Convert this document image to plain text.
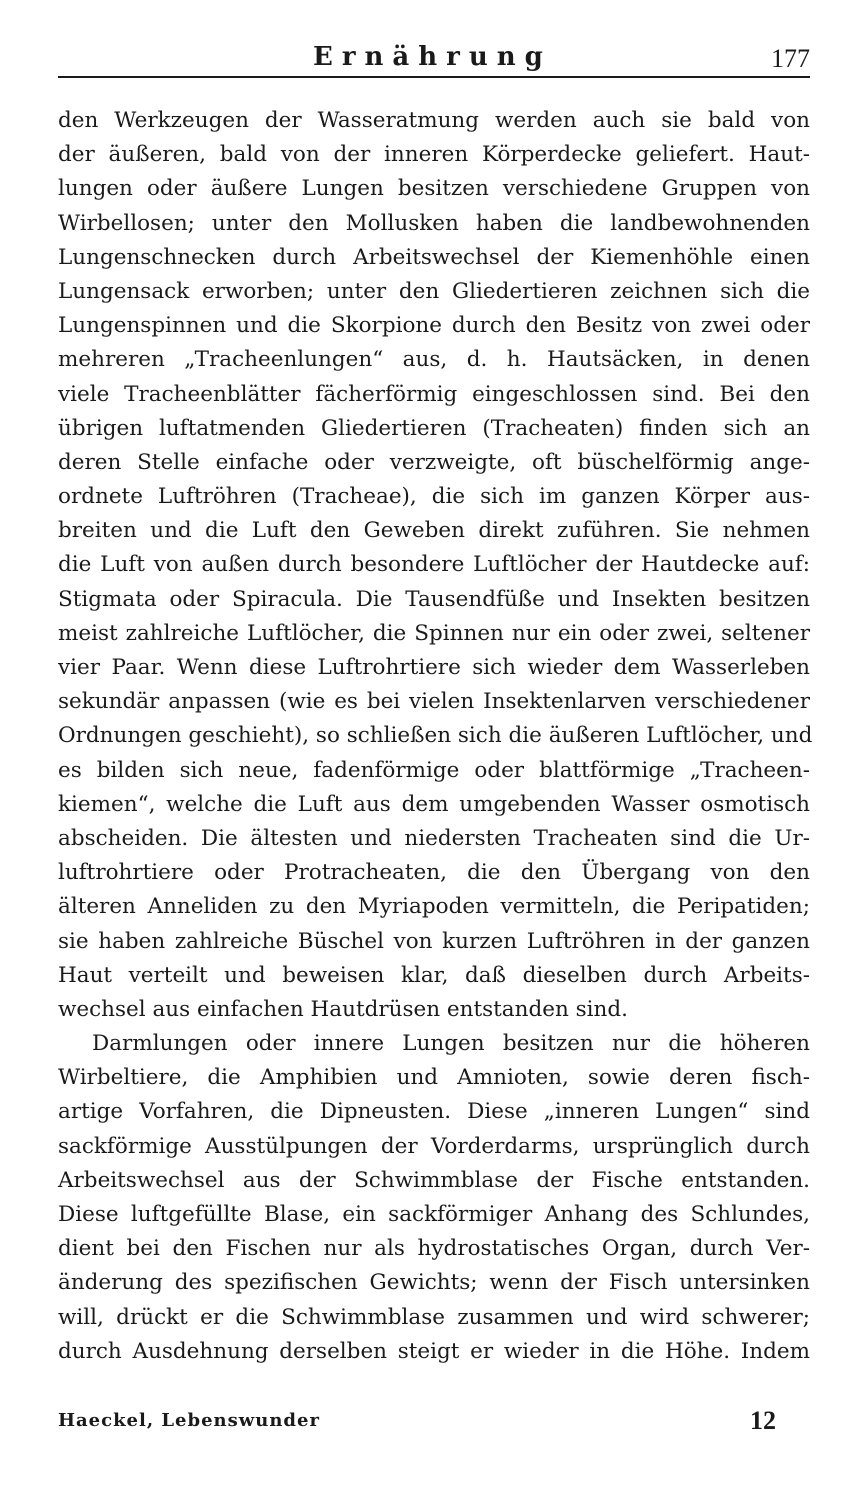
Ernährung	177
den Werkzeugen der Wasseratmung werden auch sie bald von
der äußeren, bald von der inneren Körperdecke geliefert. Haut-
lungen oder äußere Lungen besitzen verschiedene Gruppen von
Wirbellosen; unter den Mollusken haben die landbewohnenden
Lungenschnecken durch Arbeitswechsel der Kiemenhöhle einen
Lungensack erworben; unter den Gliedertieren zeichnen sich die
Lungenspinnen und die Skorpione durch den Besitz von zwei oder
mehreren „Tracheenlungen“ aus, d. h. Hautsäcken, in denen
viele Tracheenblätter fächerförmig eingeschlossen sind. Bei den
übrigen luftatmenden Gliedertieren (Tracheaten) finden sich an
deren Stelle einfache oder verzweigte, oft büschelförmig ange-
ordnete Luftröhren (Tracheae), die sich im ganzen Körper aus-
breiten und die Luft den Geweben direkt zuführen. Sie nehmen
die Luft von außen durch besondere Luftlöcher der Hautdecke auf:
Stigmata oder Spiracula. Die Tausendfüße und Insekten besitzen
meist zahlreiche Luftlöcher, die Spinnen nur ein oder zwei, seltener
vier Paar. Wenn diese Luftrohrtiere sich wieder dem Wasserleben
sekundär anpassen (wie es bei vielen Insektenlarven verschiedener
Ordnungen geschieht), so schließen sich die äußeren Luftlöcher, und
es bilden sich neue, fadenförmige oder blattförmige „Tracheen-
kiemen“, welche die Luft aus dem umgebenden Wasser osmotisch
abscheiden. Die ältesten und niedersten Tracheaten sind die Ur-
luftrohrtiere oder Protracheaten, die den Übergang von den
älteren Anneliden zu den Myriapoden vermitteln, die Peripatiden;
sie haben zahlreiche Büschel von kurzen Luftröhren in der ganzen
Haut verteilt und beweisen klar, daß dieselben durch Arbeits-
wechsel aus einfachen Hautdrüsen entstanden sind.
Darmlungen oder innere Lungen besitzen nur die höheren
Wirbeltiere, die Amphibien und Amnioten, sowie deren fisch-
artige Vorfahren, die Dipneusten. Diese „inneren Lungen“ sind
sackförmige Ausstülpungen der Vorderdarms, ursprünglich durch
Arbeitswechsel aus der Schwimmblase der Fische entstanden.
Diese luftgefüllte Blase, ein sackförmiger Anhang des Schlundes,
dient bei den Fischen nur als hydrostatisches Organ, durch Ver-
änderung des spezifischen Gewichts; wenn der Fisch untersinken
will, drückt er die Schwimmblase zusammen und wird schwerer;
durch Ausdehnung derselben steigt er wieder in die Höhe. Indem
Haeckel, Lebenswunder	12
